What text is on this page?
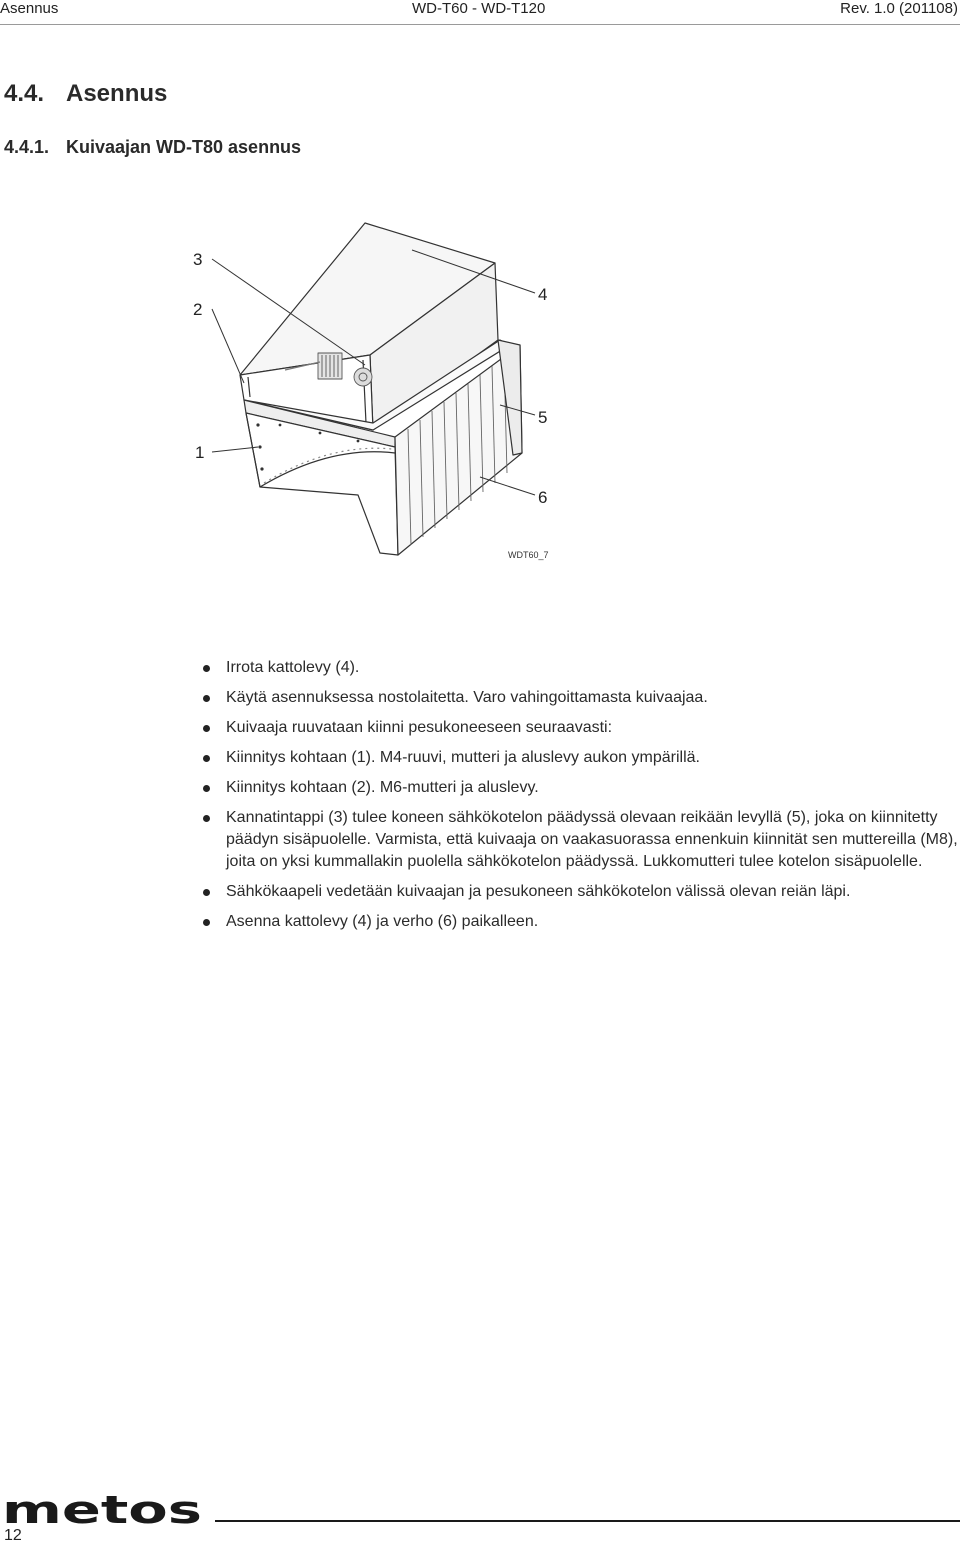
Asennus	WD-T60 - WD-T120	Rev. 1.0 (201108)
4.4. Asennus
4.4.1. Kuivaajan WD-T80 asennus
3
2
1
4
5
6
WDT60_7
Irrota kattolevy (4).
Käytä asennuksessa nostolaitetta. Varo vahingoittamasta kuivaajaa.
Kuivaaja ruuvataan kiinni pesukoneeseen seuraavasti:
Kiinnitys kohtaan (1). M4-ruuvi, mutteri ja aluslevy aukon ympärillä.
Kiinnitys kohtaan (2). M6-mutteri ja aluslevy.
Kannatintappi (3) tulee koneen sähkökotelon päädyssä olevaan reikään levyllä (5), joka on kiinnitetty päädyn sisäpuolelle. Varmista, että kuivaaja on vaakasuorassa ennenkuin kiinnität sen muttereilla (M8), joita on yksi kummallakin puolella sähkökotelon päädyssä. Lukkomutteri tulee kotelon sisäpuolelle.
Sähkökaapeli vedetään kuivaajan ja pesukoneen sähkökotelon välissä olevan reiän läpi.
Asenna kattolevy (4) ja verho (6) paikalleen.
metos
12
